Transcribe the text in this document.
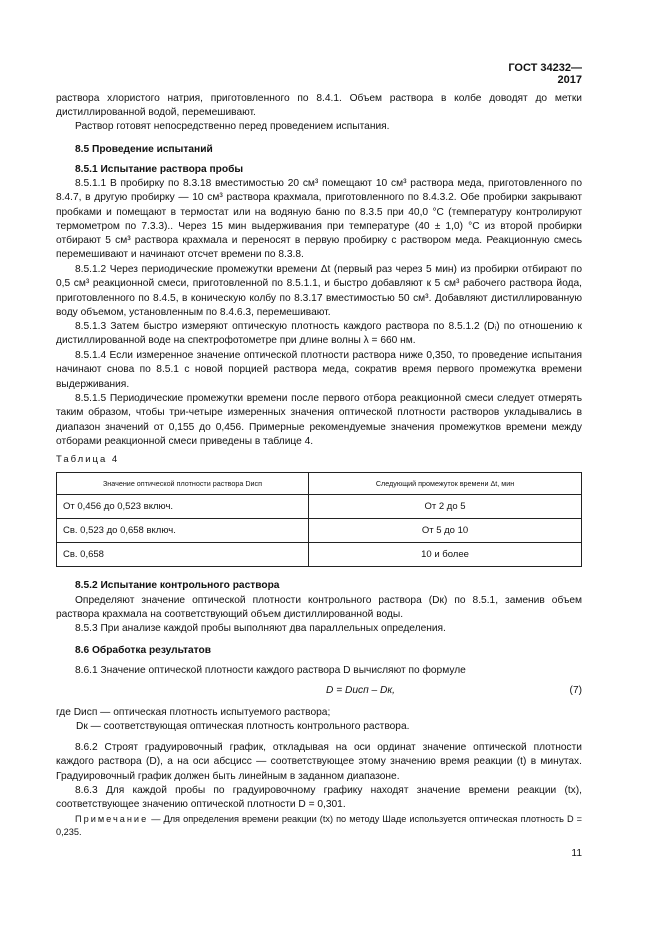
ГОСТ 34232—2017

раствора хлористого натрия, приготовленного по 8.4.1. Объем раствора в колбе доводят до метки дистиллированной водой, перемешивают.

Раствор готовят непосредственно перед проведением испытания.

8.5 Проведение испытаний

8.5.1 Испытание раствора пробы

8.5.1.1 В пробирку по 8.3.18 вместимостью 20 см³ помещают 10 см³ раствора меда, приготовленного по 8.4.7, в другую пробирку — 10 см³ раствора крахмала, приготовленного по 8.4.3.2. Обе пробирки закрывают пробками и помещают в термостат или на водяную баню по 8.3.5 при 40,0 °С (температуру контролируют термометром по 7.3.3).. Через 15 мин выдерживания при температуре (40 ± 1,0) °С из второй пробирки отбирают 5 см³ раствора крахмала и переносят в первую пробирку с раствором меда. Реакционную смесь перемешивают и начинают отсчет времени по 8.3.8.

8.5.1.2 Через периодические промежутки времени Δt (первый раз через 5 мин) из пробирки отбирают по 0,5 см³ реакционной смеси, приготовленной по 8.5.1.1, и быстро добавляют к 5 см³ рабочего раствора йода, приготовленного по 8.4.5, в коническую колбу по 8.3.17 вместимостью 50 см³. Добавляют дистиллированную воду объемом, установленным по 8.4.6.3, перемешивают.

8.5.1.3 Затем быстро измеряют оптическую плотность каждого раствора по 8.5.1.2 (Dᵢ) по отношению к дистиллированной воде на спектрофотометре при длине волны λ = 660 нм.

8.5.1.4 Если измеренное значение оптической плотности раствора ниже 0,350, то проведение испытания начинают снова по 8.5.1 с новой порцией раствора меда, сократив время первого промежутка времени выдерживания.

8.5.1.5 Периодические промежутки времени после первого отбора реакционной смеси следует отмерять таким образом, чтобы три-четыре измеренных значения оптической плотности растворов укладывались в диапазон значений от 0,155 до 0,456. Примерные рекомендуемые значения промежутков времени между отборами реакционной смеси приведены в таблице 4.

Таблица 4
Значение оптической плотности раствора Dисп	Следующий промежуток времени Δt, мин
От 0,456 до 0,523 включ.	От 2 до 5
Св. 0,523 до 0,658 включ.	От 5 до 10
Св. 0,658	10 и более

8.5.2 Испытание контрольного раствора

Определяют значение оптической плотности контрольного раствора (Dк) по 8.5.1, заменив объем раствора крахмала на соответствующий объем дистиллированной воды.

8.5.3 При анализе каждой пробы выполняют два параллельных определения.

8.6 Обработка результатов

8.6.1 Значение оптической плотности каждого раствора D вычисляют по формуле

D = Dисп – Dк,	(7)

где Dисп — оптическая плотность испытуемого раствора;

Dк — соответствующая оптическая плотность контрольного раствора.

8.6.2 Строят градуировочный график, откладывая на оси ординат значение оптической плотности каждого раствора (D), а на оси абсцисс — соответствующее этому значению время реакции (t) в минутах. Градуировочный график должен быть линейным в заданном диапазоне.

8.6.3 Для каждой пробы по градуировочному графику находят значение времени реакции (tx), соответствующее значению оптической плотности D = 0,301.

Примечание — Для определения времени реакции (tx) по методу Шаде используется оптическая плотность D = 0,235.

11
